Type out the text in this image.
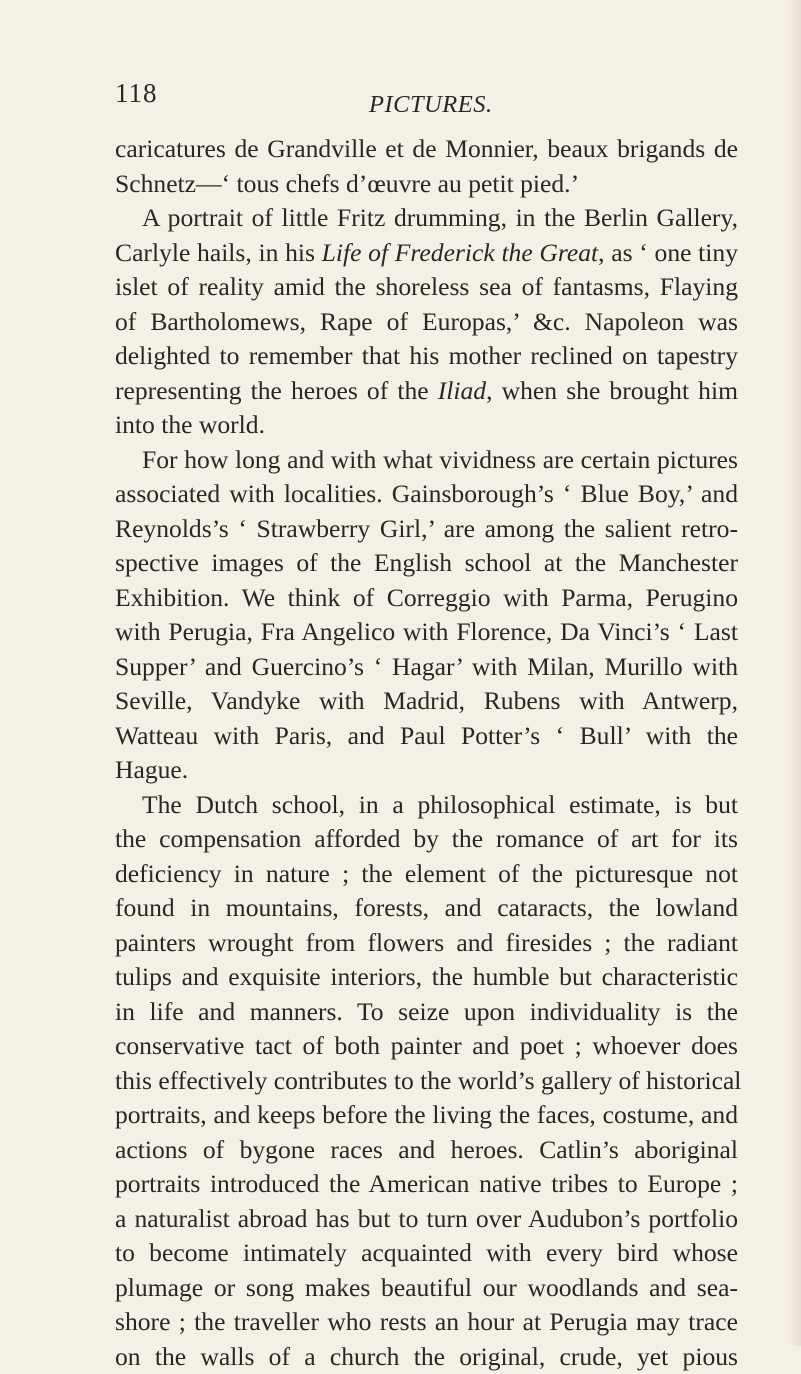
118	PICTURES.
caricatures de Grandville et de Monnier, beaux brigands de
Schnetz—‘ tous chefs d’œuvre au petit pied.’
A portrait of little Fritz drumming, in the Berlin Gallery,
Carlyle hails, in his Life of Frederick the Great, as ‘ one tiny
islet of reality amid the shoreless sea of fantasms, Flaying
of Bartholomews, Rape of Europas,’ &c. Napoleon was
delighted to remember that his mother reclined on tapestry
representing the heroes of the Iliad, when she brought him
into the world.
For how long and with what vividness are certain pictures
associated with localities. Gainsborough’s ‘ Blue Boy,’ and
Reynolds’s ‘ Strawberry Girl,’ are among the salient retro-
spective images of the English school at the Manchester
Exhibition. We think of Correggio with Parma, Perugino
with Perugia, Fra Angelico with Florence, Da Vinci’s ‘ Last
Supper’ and Guercino’s ‘ Hagar’ with Milan, Murillo with
Seville, Vandyke with Madrid, Rubens with Antwerp,
Watteau with Paris, and Paul Potter’s ‘ Bull’ with the
Hague.
The Dutch school, in a philosophical estimate, is but
the compensation afforded by the romance of art for its
deficiency in nature ; the element of the picturesque not
found in mountains, forests, and cataracts, the lowland
painters wrought from flowers and firesides ; the radiant
tulips and exquisite interiors, the humble but characteristic
in life and manners. To seize upon individuality is the
conservative tact of both painter and poet ; whoever does
this effectively contributes to the world’s gallery of historical
portraits, and keeps before the living the faces, costume, and
actions of bygone races and heroes. Catlin’s aboriginal
portraits introduced the American native tribes to Europe ;
a naturalist abroad has but to turn over Audubon’s portfolio
to become intimately acquainted with every bird whose
plumage or song makes beautiful our woodlands and sea-
shore ; the traveller who rests an hour at Perugia may trace
on the walls of a church the original, crude, yet pious
